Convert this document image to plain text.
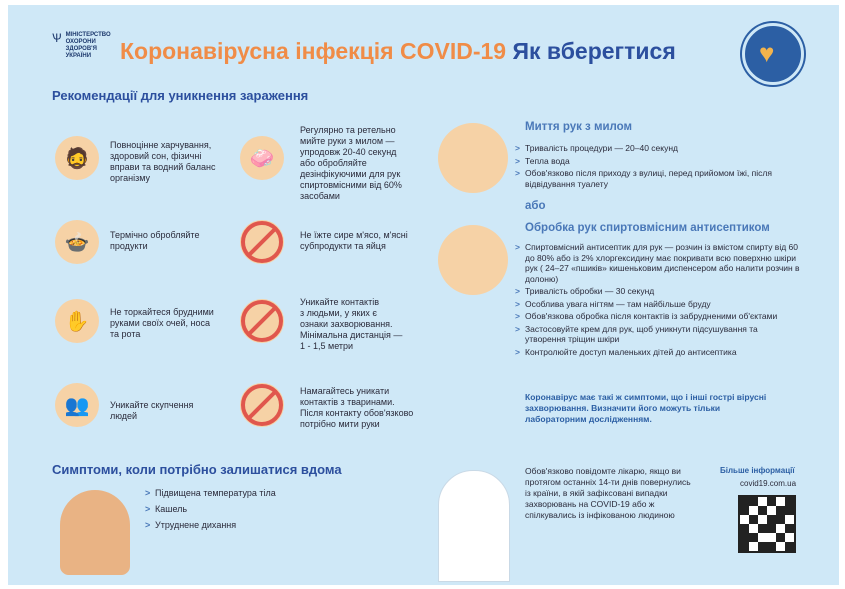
Ѱ МІНІСТЕРСТВО
ОХОРОНИ
ЗДОРОВ'Я
УКРАЇНИ	Коронавірусна інфекція COVID-19 Як вберегтися	♥
Рекомендації для уникнення зараження
🧔
Повноцінне харчування,
здоровий сон, фізичні
вправи та водний баланс
організму
🍲	Термічно обробляйте
продукти
✋	Не торкайтеся брудними
руками своїх очей, носа
та рота
👥	Уникайте скупчення
людей
🧼
Регулярно та ретельно
мийте руки з милом —
упродовж 20-40 секунд
або обробляйте
дезінфікуючими для рук
спиртовмісними від 60%
засобами
Не їжте сире м'ясо, м'ясні
субпродукти та яйця
Уникайте контактів
з людьми, у яких є
ознаки захворювання.
Мінімальна дистанція —
1 - 1,5 метри
Намагайтесь уникати
контактів з тваринами.
Після контакту обов'язково
потрібно мити руки
Миття рук з милом
> Тривалість процедури — 20–40 секунд
> Тепла вода
> Обов'язково після приходу з вулиці, перед прийомом їжі, після відвідування туалету
або
Обробка рук спиртовмісним антисептиком
> Спиртовмісний антисептик для рук — розчин із вмістом спирту від 60 до 80% або із 2% хлоргексидину має покривати всю поверхню шкіри рук ( 24–27 «пшиків» кишеньковим диспенсером або налити розчин в долоню)
> Тривалість обробки — 30 секунд
> Особлива увага нігтям — там найбільше бруду
> Обов'язкова обробка після контактів із забрудненими об'єктами
> Застосовуйте крем для рук, щоб уникнути підсушування та утворення тріщин шкіри
> Контролюйте доступ маленьких дітей до антисептика
Коронавірус має такі ж симптоми, що і інші гострі вірусні
захворювання. Визначити його можуть тільки
лабораторним дослідженням.
Симптоми, коли потрібно залишатися вдома
> Підвищена температура тіла
> Кашель
> Утруднене дихання
Обов'язково повідомте лікарю, якщо ви
протягом останніх 14-ти днів повернулись
із країни, в якій зафіксовані випадки
захворювань на COVID-19 або ж
спілкувались із інфікованою людиною
Більше інформації
covid19.com.ua
